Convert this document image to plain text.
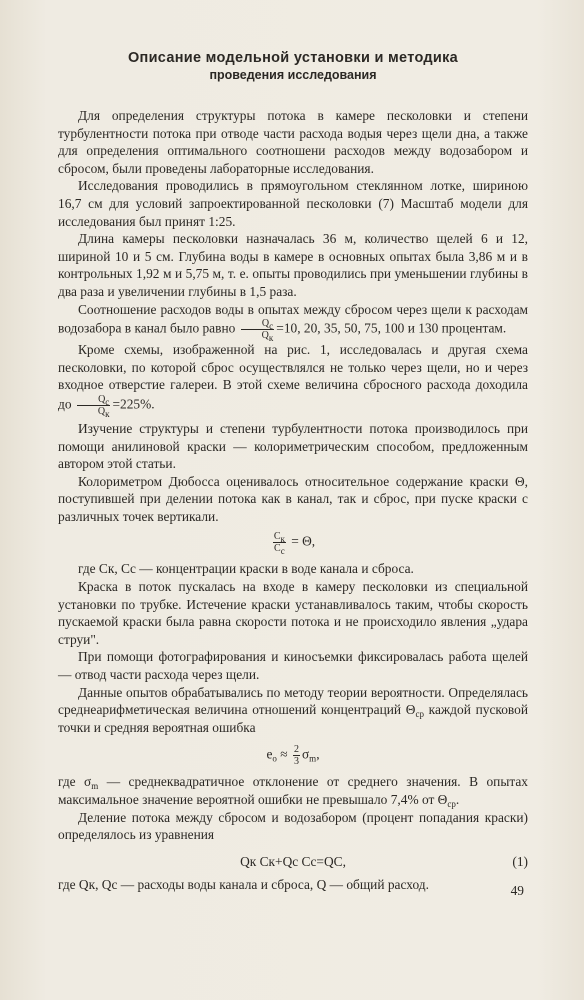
Описание модельной установки и методика
проведения исследования

Для определения структуры потока в камере песколовки и степени турбулентности потока при отводе части расхода водыя через щели дна, а также для определения оптимального соотношени расходов между водозабором и сбросом, были проведены лабораторные исследования.

Исследования проводились в прямоугольном стеклянном лотке, шириною 16,7 см для условий запроектированной песколовки (7) Масштаб модели для исследования был принят 1:25.

Длина камеры песколовки назначалась 36 м, количество щелей 6 и 12, шириной 10 и 5 см. Глубина воды в камере в основных опытах была 3,86 м и в контрольных 1,92 м и 5,75 м, т. е. опыты проводились при уменьшении глубины в два раза и увеличении глубины в 1,5 раза.

Соотношение расходов воды в опытах между сбросом через щели к расходам водозабора в канал было равно $\frac{Q_с}{Q_к} =10$, 20, 35, 50, 75, 100 и 130 процентам.

Кроме схемы, изображенной на рис. 1, исследовалась и другая схема песколовки, по которой сброс осуществлялся не только через щели, но и через входное отверстие галереи. В этой схеме величина сбросного расхода доходила до $\frac{Q_с}{Q_к} =225\%$.

Изучение структуры и степени турбулентности потока производилось при помощи анилиновой краски — колориметрическим способом, предложенным автором этой статьи.

Колориметром Дюбосса оценивалось относительное содержание краски Θ, поступившей при делении потока как в канал, так и сброс, при пуске краски с различных точек вертикали.

$\frac{C_к}{C_с} = \Theta$,

где Cк, Cс — концентрации краски в воде канала и сброса.

Краска в поток пускалась на входе в камеру песколовки из специальной установки по трубке. Истечение краски устанавливалось таким, чтобы скорость пускаемой краски была равна скорости потока и не происходило явления „удара струи".

При помощи фотографирования и киносъемки фиксировалась работа щелей — отвод части расхода через щели.

Данные опытов обрабатывались по методу теории вероятности. Определялась среднеарифметическая величина отношений концентраций $\Theta_{ср}$ каждой пусковой точки и средняя вероятная ошибка

$e_о \approx \frac{2}{3} \sigma_m$,

где $\sigma_m$ — среднеквадратичное отклонение от среднего значения. В опытах максимальное значение вероятной ошибки не превышало 7,4% от $\Theta_{ср}$.

Деление потока между сбросом и водозабором (процент попадания краски) определялось из уравнения

Qк Cк+Qс Cс=QC,	(1)

где Qк, Qс — расходы воды канала и сброса, Q — общий расход.	49
